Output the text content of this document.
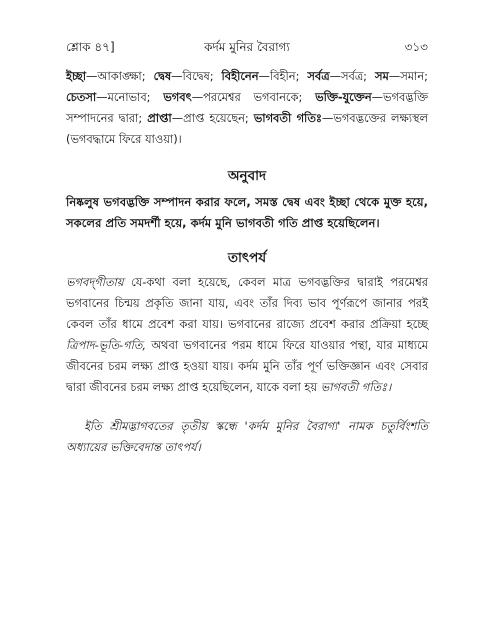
শ্লোক ৪৭]	কর্দম মুনির বৈরাগ্য	৩১৩

ইচ্ছা—আকাঙ্ক্ষা; দ্বেষ—বিদ্বেষ; বিহীনেন—বিহীন; সর্বত্র—সর্বত্র; সম—সমান; চেতসা—মনোভাব; ভগবৎ—পরমেশ্বর ভগবানকে; ভক্তি-যুক্তেন—ভগবদ্ভক্তি সম্পাদনের দ্বারা; প্রাপ্তা—প্রাপ্ত হয়েছেন; ভাগবতী গতিঃ—ভগবদ্ভক্তের লক্ষ্যস্থল (ভগবদ্ধামে ফিরে যাওয়া)।

অনুবাদ

নিষ্কলুষ ভগবদ্ভক্তি সম্পাদন করার ফলে, সমস্ত দ্বেষ এবং ইচ্ছা থেকে মুক্ত হয়ে, সকলের প্রতি সমদর্শী হয়ে, কর্দম মুনি ভাগবতী গতি প্রাপ্ত হয়েছিলেন।

তাৎপর্য

ভগবদ্‌গীতায় যে-কথা বলা হয়েছে, কেবল মাত্র ভগবদ্ভক্তির দ্বারাই পরমেশ্বর ভগবানের চিন্ময় প্রকৃতি জানা যায়, এবং তাঁর দিব্য ভাব পূর্ণরূপে জানার পরই কেবল তাঁর ধামে প্রবেশ করা যায়। ভগবানের রাজ্যে প্রবেশ করার প্রক্রিয়া হচ্ছে ত্রিপাদ-ভূতি-গতি, অথবা ভগবানের পরম ধামে ফিরে যাওয়ার পন্থা, যার মাধ্যমে জীবনের চরম লক্ষ্য প্রাপ্ত হওয়া যায়। কর্দম মুনি তাঁর পূর্ণ ভক্তিজ্ঞান এবং সেবার দ্বারা জীবনের চরম লক্ষ্য প্রাপ্ত হয়েছিলেন, যাকে বলা হয় ভাগবতী গতিঃ।

ইতি শ্রীমদ্ভাগবতের তৃতীয় স্কন্ধে 'কর্দম মুনির বৈরাগ্য' নামক চতুর্বিংশতি অধ্যায়ের ভক্তিবেদান্ত তাৎপর্য।
